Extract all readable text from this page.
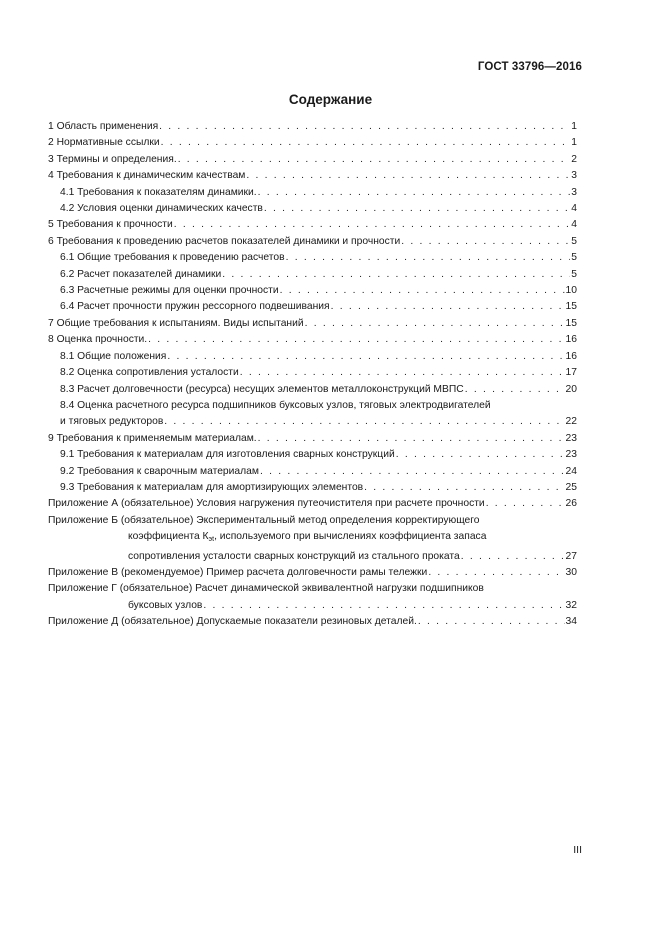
ГОСТ 33796—2016
Содержание
1 Область применения . . .	1
2 Нормативные ссылки . . .	1
3 Термины и определения. . . .	2
4 Требования к динамическим качествам . . .	3
4.1 Требования к показателям динамики. . . .	3
4.2 Условия оценки динамических качеств . . .	4
5 Требования к прочности . . .	4
6 Требования к проведению расчетов показателей динамики и прочности . . .	5
6.1 Общие требования к проведению расчетов . . .	5
6.2 Расчет показателей динамики . . .	5
6.3 Расчетные режимы для оценки прочности . . .	10
6.4 Расчет прочности пружин рессорного подвешивания . . .	15
7 Общие требования к испытаниям. Виды испытаний . . .	15
8 Оценка прочности. . . .	16
8.1 Общие положения . . .	16
8.2 Оценка сопротивления усталости . . .	17
8.3 Расчет долговечности (ресурса) несущих элементов металлоконструкций МВПС . . .	20
8.4 Оценка расчетного ресурса подшипников буксовых узлов, тяговых электродвигателей
и тяговых редукторов . . .	22
9 Требования к применяемым материалам. . . .	23
9.1 Требования к материалам для изготовления сварных конструкций . . .	23
9.2 Требования к сварочным материалам . . .	24
9.3 Требования к материалам для амортизирующих элементов . . .	25
Приложение А (обязательное) Условия нагружения путеочистителя при расчете прочности . . .	26
Приложение Б (обязательное) Экспериментальный метод определения корректирующего
коэффициента $К_{эt}$, используемого при вычислениях коэффициента запаса
сопротивления усталости сварных конструкций из стального проката . . .	27
Приложение В (рекомендуемое) Пример расчета долговечности рамы тележки . . .	30
Приложение Г (обязательное) Расчет динамической эквивалентной нагрузки подшипников
буксовых узлов . . .	32
Приложение Д (обязательное) Допускаемые показатели резиновых деталей. . . .	34
III
